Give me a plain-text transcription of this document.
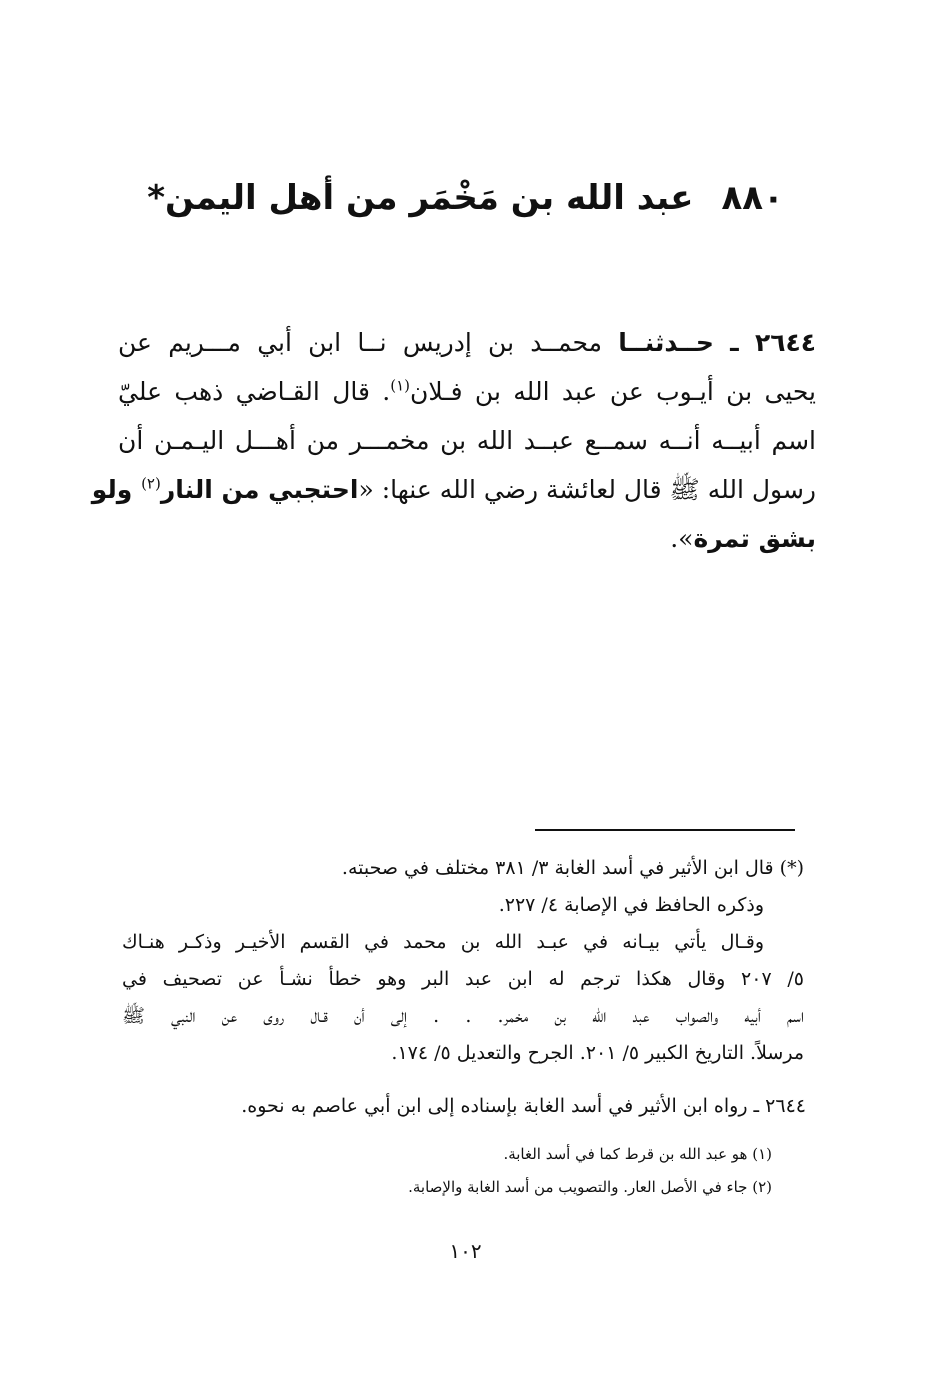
٨٨٠عبد الله بن مَخْمَر من أهل اليمن*
٢٦٤٤ ـ حــدثنــا محمــد بن إدريس نــا ابن أبي مـــريم عن
يحيى بن أيـوب عن عبد الله بن فـلان$^{(١)}$. قال القـاضي ذهب عليّ
اسم أبيــه أنــه سمــع عبــد الله بن مخمـــر من أهـــل اليـمـن أن
رسول الله ﷺ قال لعائشة رضي الله عنها: «احتجبي من النار$^{(٢)}$ ولو
بشق تمرة».
(*) قال ابن الأثير في أسد الغابة ٣/ ٣٨١ مختلف في صحبته.
وذكره الحافظ في الإصابة ٤/ ٢٢٧.
وقـال يأتي بيـانه في عبـد الله بن محمد في القسم الأخيـر وذكـر هنـاك
٥/ ٢٠٧ وقال هكذا ترجم له ابن عبد البر وهو خطأ نشـأ عن تصحيف في
اسم أبيه والصواب عبد الله بن مخمر. . . إلى أن قـال روى عن النبي ﷺ
مرسلاً. التاريخ الكبير ٥/ ٢٠١. الجرح والتعديل ٥/ ١٧٤.
٢٦٤٤ ـ رواه ابن الأثير في أسد الغابة بإسناده إلى ابن أبي عاصم به نحوه.
(١) هو عبد الله بن قرط كما في أسد الغابة.
(٢) جاء في الأصل العار. والتصويب من أسد الغابة والإصابة.
١٠٢
